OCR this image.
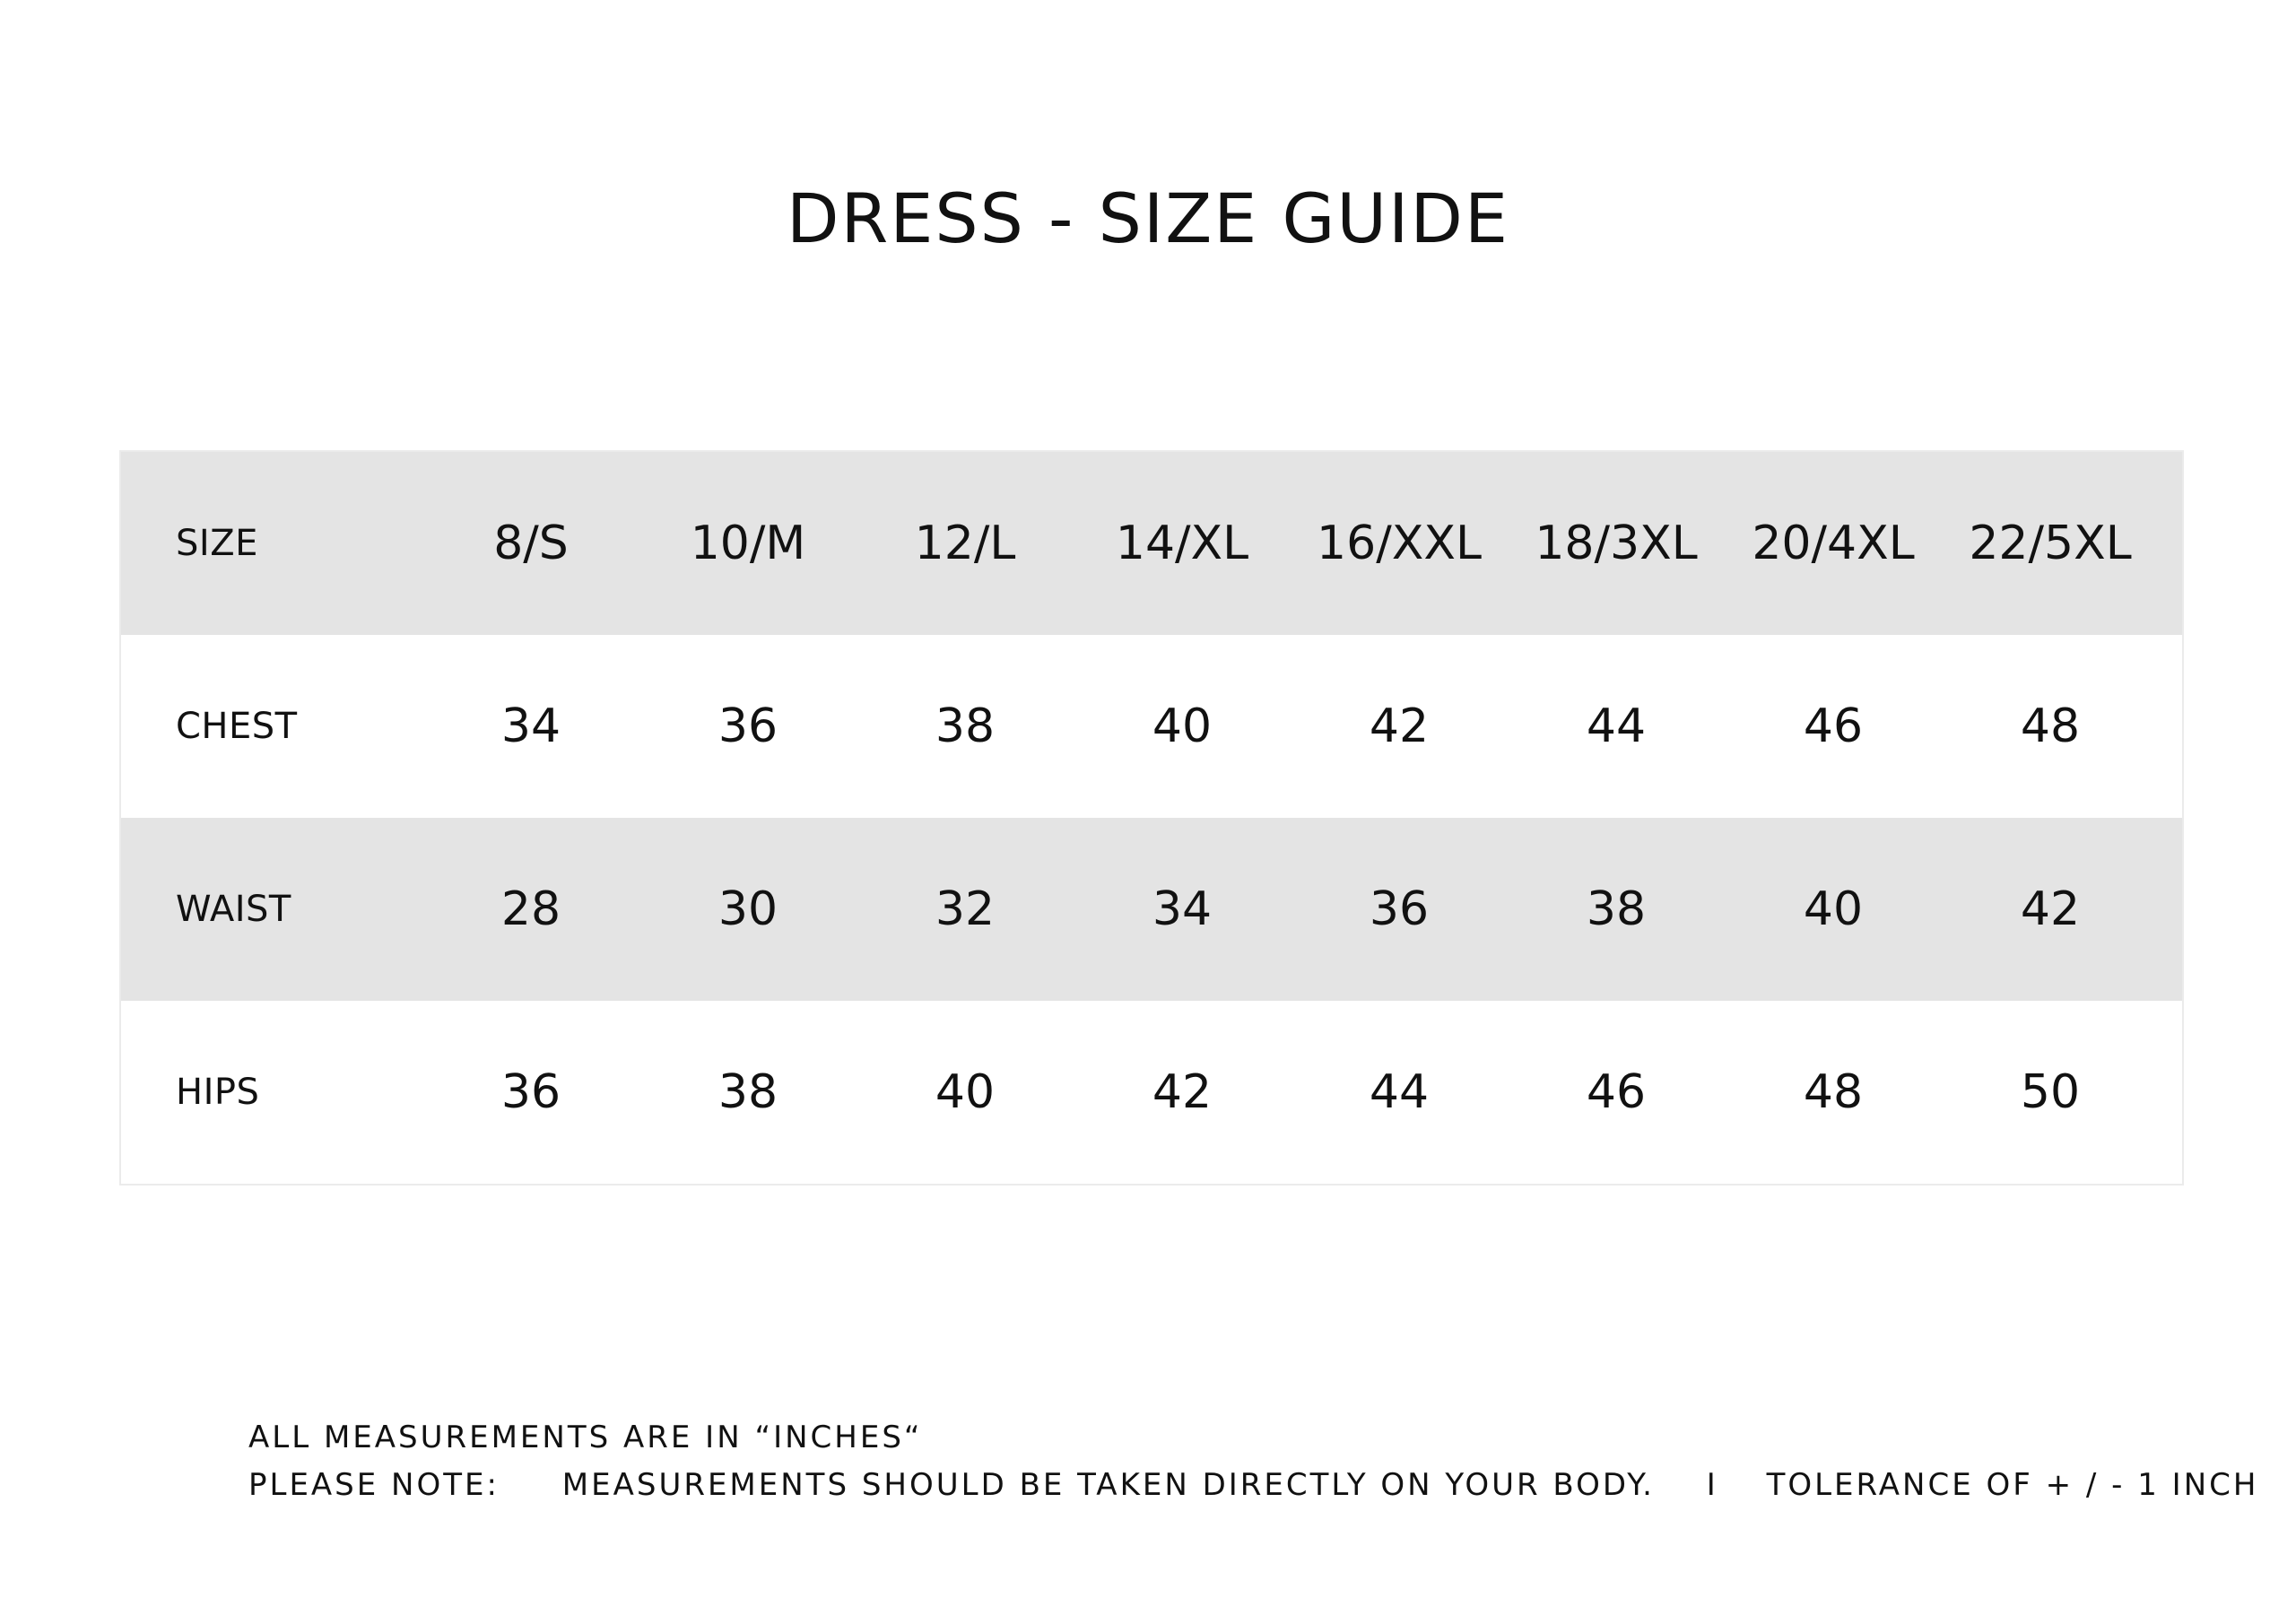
DRESS - SIZE GUIDE
SIZE	8/S	10/M 12/L 14/XL 16/XXL 18/3XL 20/4XL 22/5XL
CHEST	34	36	38	40	42	44	46	48
WAIST	28	30	32	34	36	38	40	42
HIPS	36	38	40	42	44	46	48	50
ALL MEASUREMENTS ARE IN “INCHES“
PLEASE NOTE: MEASUREMENTS SHOULD BE TAKEN DIRECTLY ON YOUR BODY. I TOLERANCE OF + / - 1 INCH
